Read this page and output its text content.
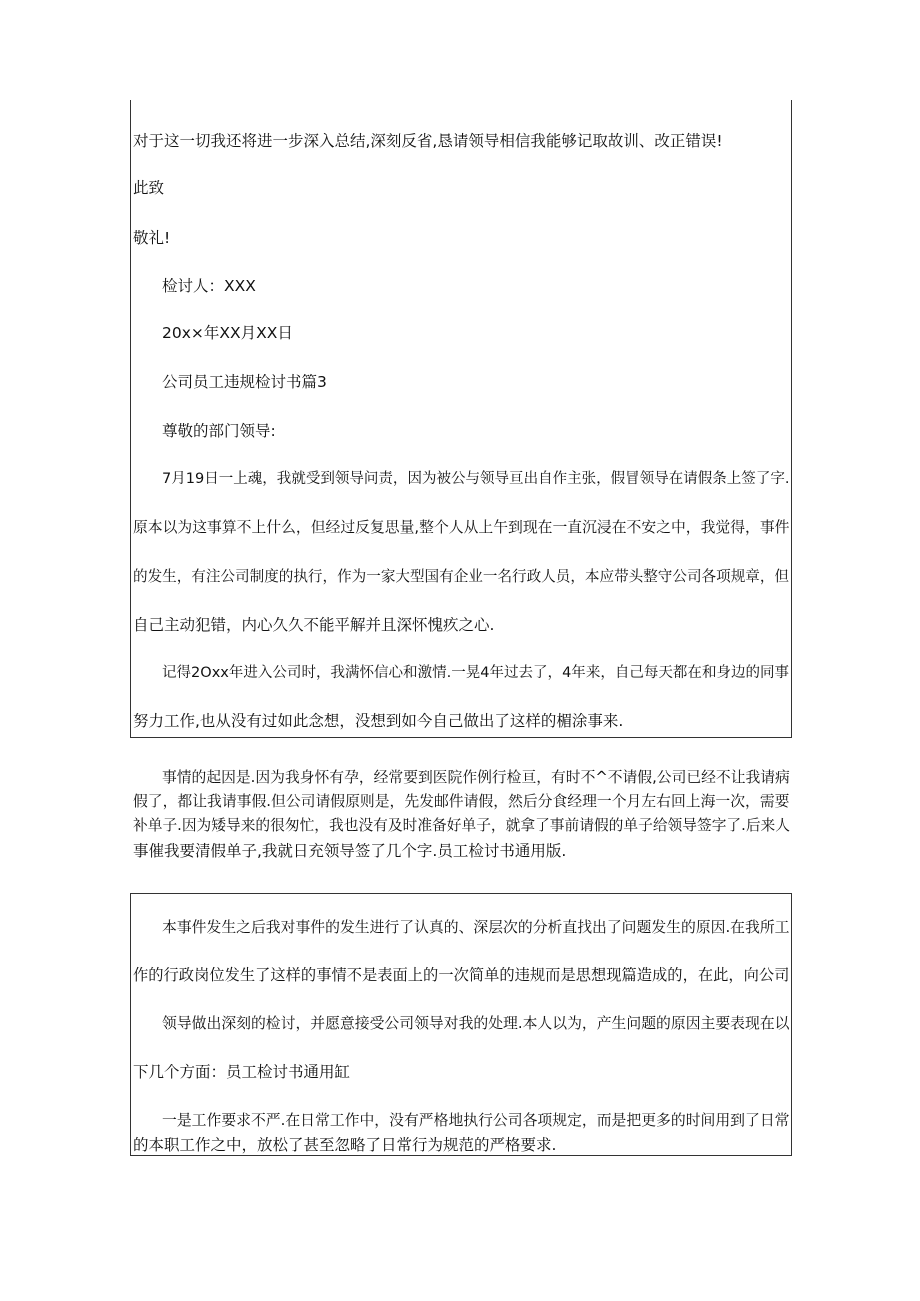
对于这一切我还将进一步深入总结,深刻反省,恳请领导相信我能够记取故训、改正错误!
此致
敬礼!
检讨人：XXX
20x×年XX月XX日
公司员工违规检讨书篇3
尊敬的部门领导:
7月19日一上魂，我就受到领导问责，因为被公与领导亘出自作主张，假冒领导在请假条上签了字.
原本以为这事算不上什么，但经过反复思量,整个人从上午到现在一直沉浸在不安之中，我觉得，事件
的发生，有注公司制度的执行，作为一家大型国有企业一名行政人员，本应带头整守公司各项规章，但
自己主动犯错，内心久久不能平解并且深怀愧疚之心.
记得2Oxx年进入公司时，我满怀信心和激情.一晃4年过去了，4年来，自己每天都在和身边的同事
努力工作,也从没有过如此念想，没想到如今自己做出了这样的楣涂事来.
事情的起因是.因为我身怀有孕，经常要到医院作例行检亘，有时不^不请假,公司已经不让我请病
假了，都让我请事假.但公司请假原则是，先发邮件请假，然后分食经理一个月左右回上海一次，需要
补单子.因为矮导来的很匆忙，我也没有及时准备好单子，就拿了事前请假的单子给领导签字了.后来人
事催我要清假单子,我就日充领导签了几个字.员工检讨书通用版.
本事件发生之后我对事件的发生进行了认真的、深层次的分析直找出了问题发生的原因.在我所工
作的行政岗位发生了这样的事情不是表面上的一次简单的违规而是思想现篇造成的，在此，向公司
领导做出深刻的检讨，并愿意接受公司领导对我的处理.本人以为，产生问题的原因主要表现在以
下几个方面：员工检讨书通用缸
一是工作要求不严.在日常工作中，没有严格地执行公司各项规定，而是把更多的时间用到了日常
的本职工作之中，放松了甚至忽略了日常行为规范的严格要求.
